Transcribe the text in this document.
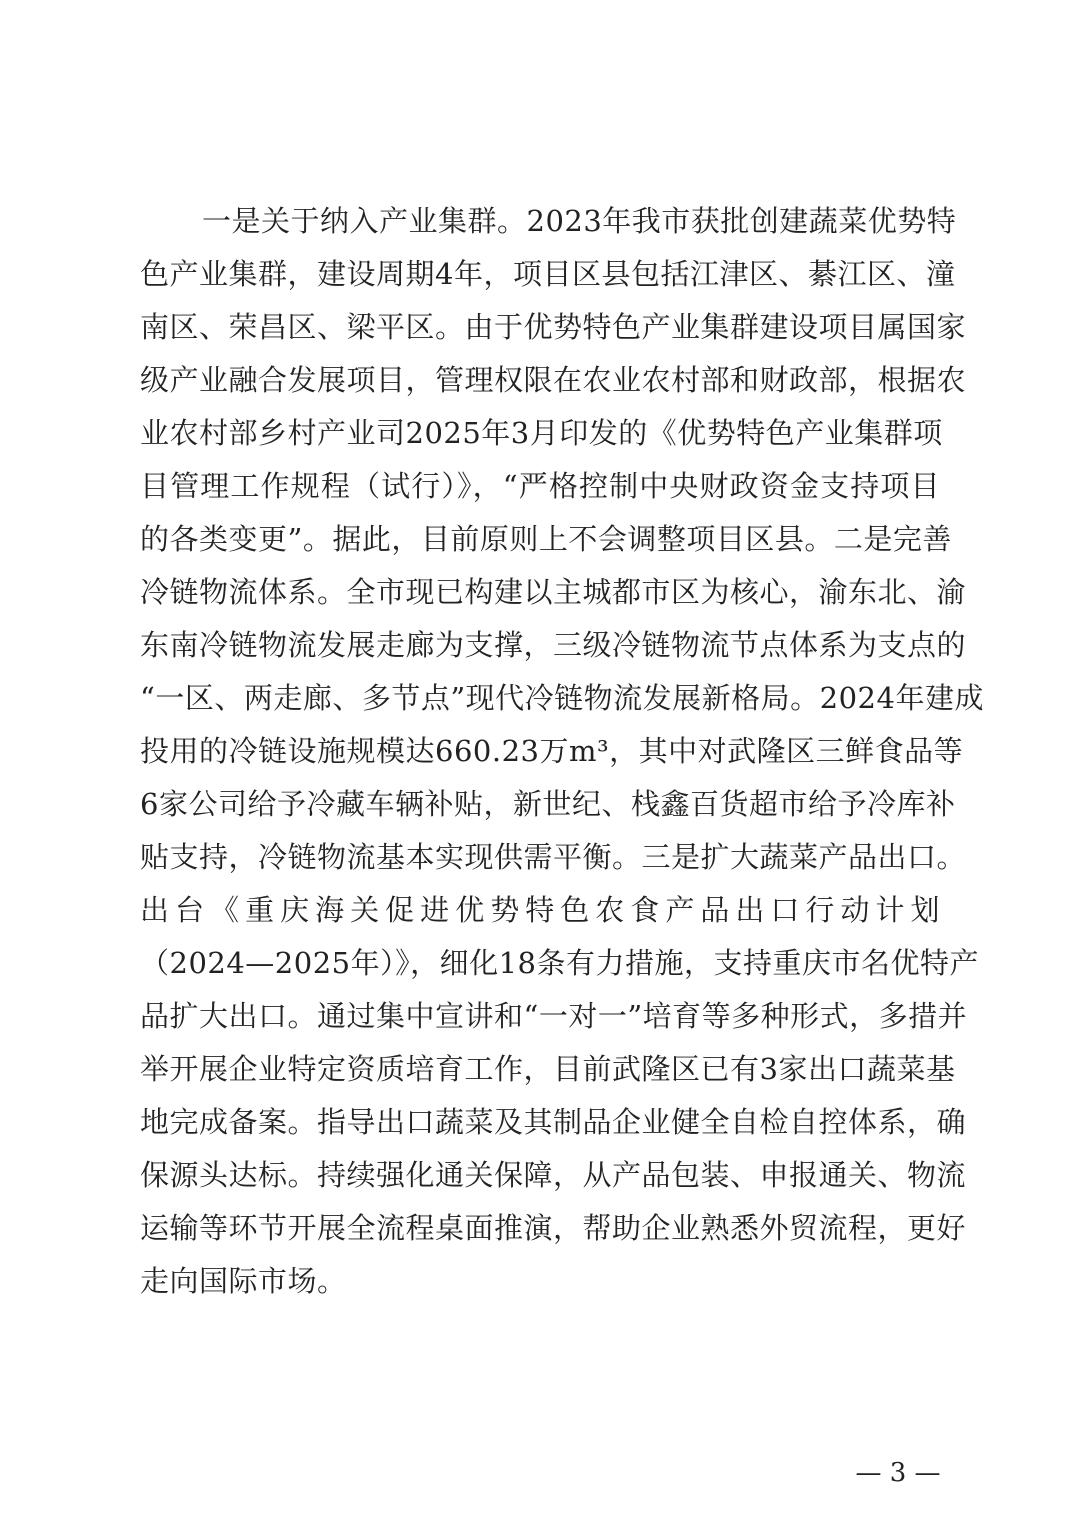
一是关于纳入产业集群。2023年我市获批创建蔬菜优势特
色产业集群，建设周期4年，项目区县包括江津区、綦江区、潼
南区、荣昌区、梁平区。由于优势特色产业集群建设项目属国家
级产业融合发展项目，管理权限在农业农村部和财政部，根据农
业农村部乡村产业司2025年3月印发的《优势特色产业集群项
目管理工作规程（试行）》，“严格控制中央财政资金支持项目
的各类变更”。据此，目前原则上不会调整项目区县。二是完善
冷链物流体系。全市现已构建以主城都市区为核心，渝东北、渝
东南冷链物流发展走廊为支撑，三级冷链物流节点体系为支点的
“一区、两走廊、多节点”现代冷链物流发展新格局。2024年建成
投用的冷链设施规模达660.23万m³，其中对武隆区三鲜食品等
6家公司给予冷藏车辆补贴，新世纪、栈鑫百货超市给予冷库补
贴支持，冷链物流基本实现供需平衡。三是扩大蔬菜产品出口。
出台《重庆海关促进优势特色农食产品出口行动计划
（2024—2025年）》，细化18条有力措施，支持重庆市名优特产
品扩大出口。通过集中宣讲和“一对一”培育等多种形式，多措并
举开展企业特定资质培育工作，目前武隆区已有3家出口蔬菜基
地完成备案。指导出口蔬菜及其制品企业健全自检自控体系，确
保源头达标。持续强化通关保障，从产品包装、申报通关、物流
运输等环节开展全流程桌面推演，帮助企业熟悉外贸流程，更好
走向国际市场。
— 3 —
